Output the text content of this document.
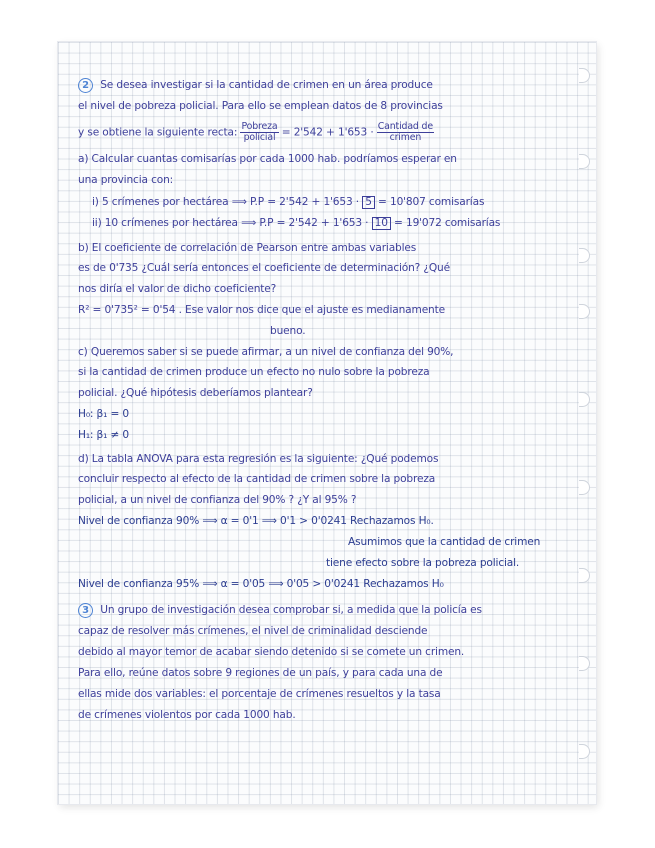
2 Se desea investigar si la cantidad de crimen en un área produce
el nivel de pobreza policial. Para ello se emplean datos de 8 provincias
y se obtiene la siguiente recta: $\frac{\text{Pobreza}}{\text{policial}} = 2'542 + 1'653 \cdot \frac{\text{Cantidad de}}{\text{crimen}}$
a) Calcular cuantas comisarías por cada 1000 hab. podríamos esperar en
una provincia con:
i) 5 crímenes por hectárea ⟹ P.P = 2'542 + 1'653 · 5 = 10'807 comisarías
ii) 10 crímenes por hectárea ⟹ P.P = 2'542 + 1'653 · 10 = 19'072 comisarías
b) El coeficiente de correlación de Pearson entre ambas variables
es de 0'735 ¿Cuál sería entonces el coeficiente de determinación? ¿Qué
nos diría el valor de dicho coeficiente?
R² = 0'735² = 0'54 . Ese valor nos dice que el ajuste es medianamente
bueno.
c) Queremos saber si se puede afirmar, a un nivel de confianza del 90%,
si la cantidad de crimen produce un efecto no nulo sobre la pobreza
policial. ¿Qué hipótesis deberíamos plantear?
H₀: β₁ = 0
H₁: β₁ ≠ 0
d) La tabla ANOVA para esta regresión es la siguiente: ¿Qué podemos
concluir respecto al efecto de la cantidad de crimen sobre la pobreza
policial, a un nivel de confianza del 90% ? ¿Y al 95% ?
Nivel de confianza 90% ⟹ α = 0'1 ⟹ 0'1 > 0'0241 Rechazamos H₀.
Asumimos que la cantidad de crimen
tiene efecto sobre la pobreza policial.
Nivel de confianza 95% ⟹ α = 0'05 ⟹ 0'05 > 0'0241 Rechazamos H₀
3 Un grupo de investigación desea comprobar si, a medida que la policía es
capaz de resolver más crímenes, el nivel de criminalidad desciende
debido al mayor temor de acabar siendo detenido si se comete un crimen.
Para ello, reúne datos sobre 9 regiones de un país, y para cada una de
ellas mide dos variables: el porcentaje de crímenes resueltos y la tasa
de crímenes violentos por cada 1000 hab.
